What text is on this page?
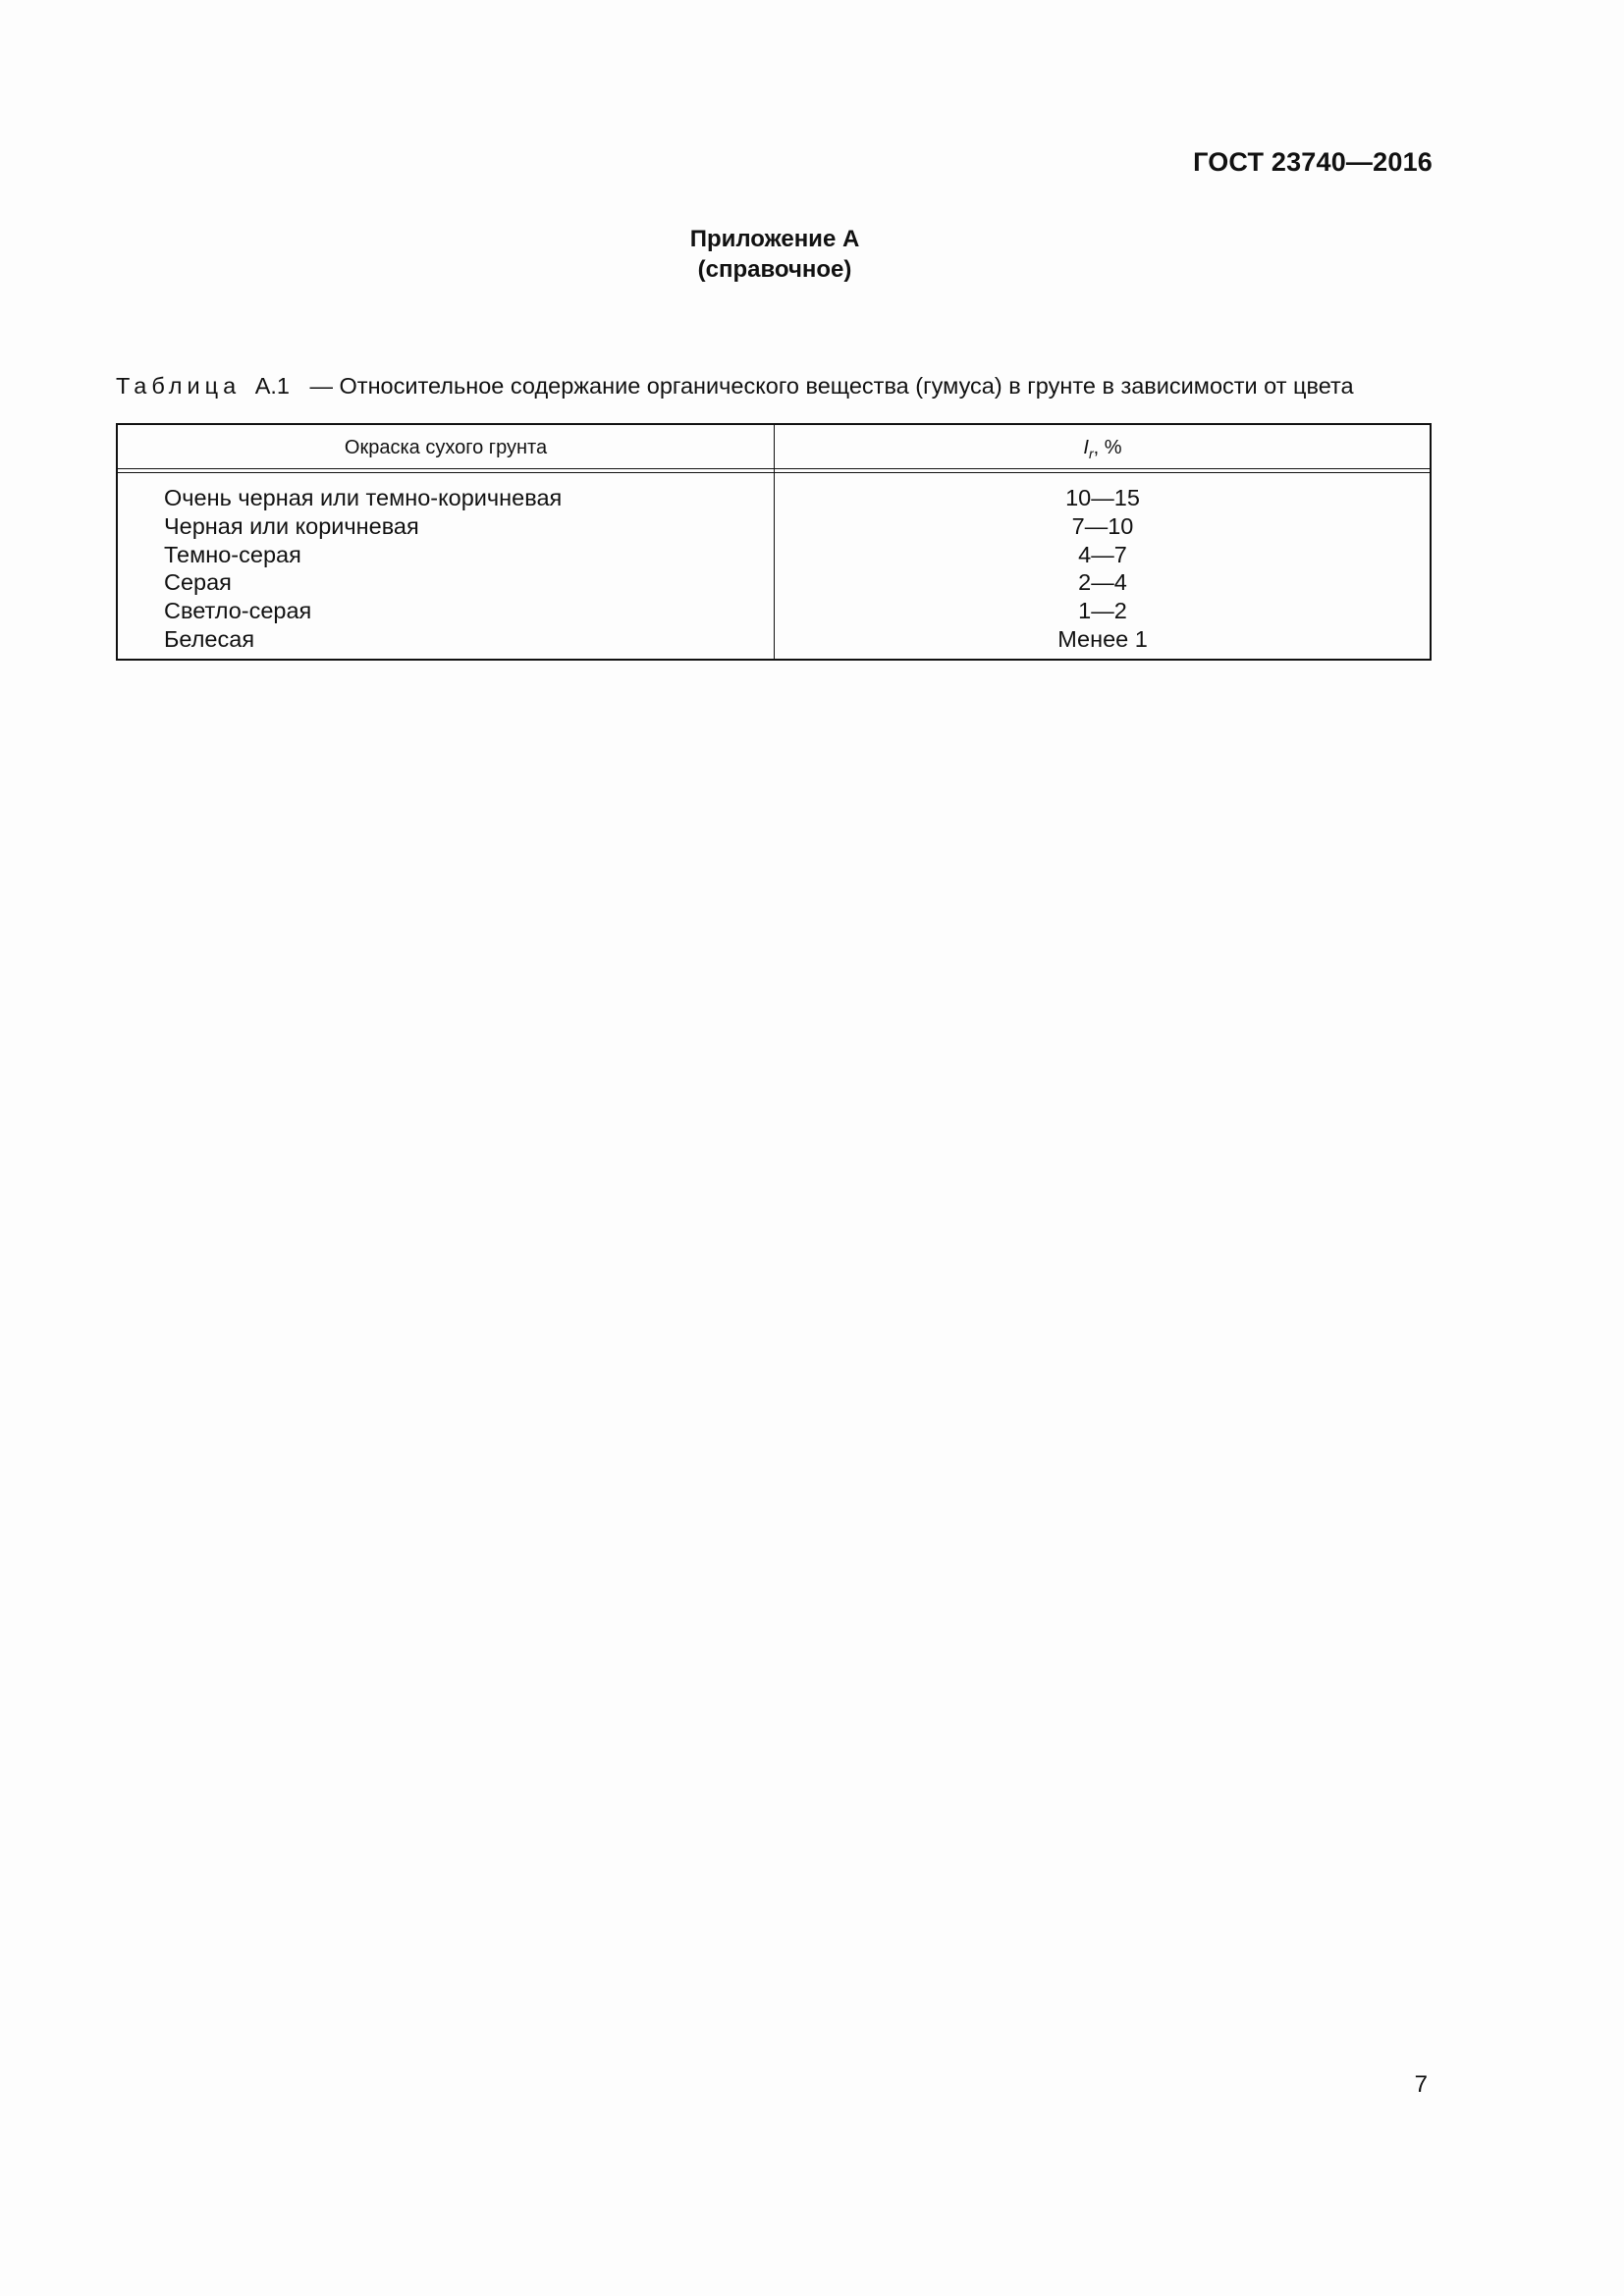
ГОСТ 23740—2016
Приложение А
(справочное)
Таблица А.1 — Относительное содержание органического вещества (гумуса) в грунте в зависимости от цвета
Окраска сухого грунта	$I_r$, %
Очень черная или темно-коричневая	10—15
Черная или коричневая	7—10
Темно-серая	4—7
Серая	2—4
Светло-серая	1—2
Белесая	Менее 1
7
